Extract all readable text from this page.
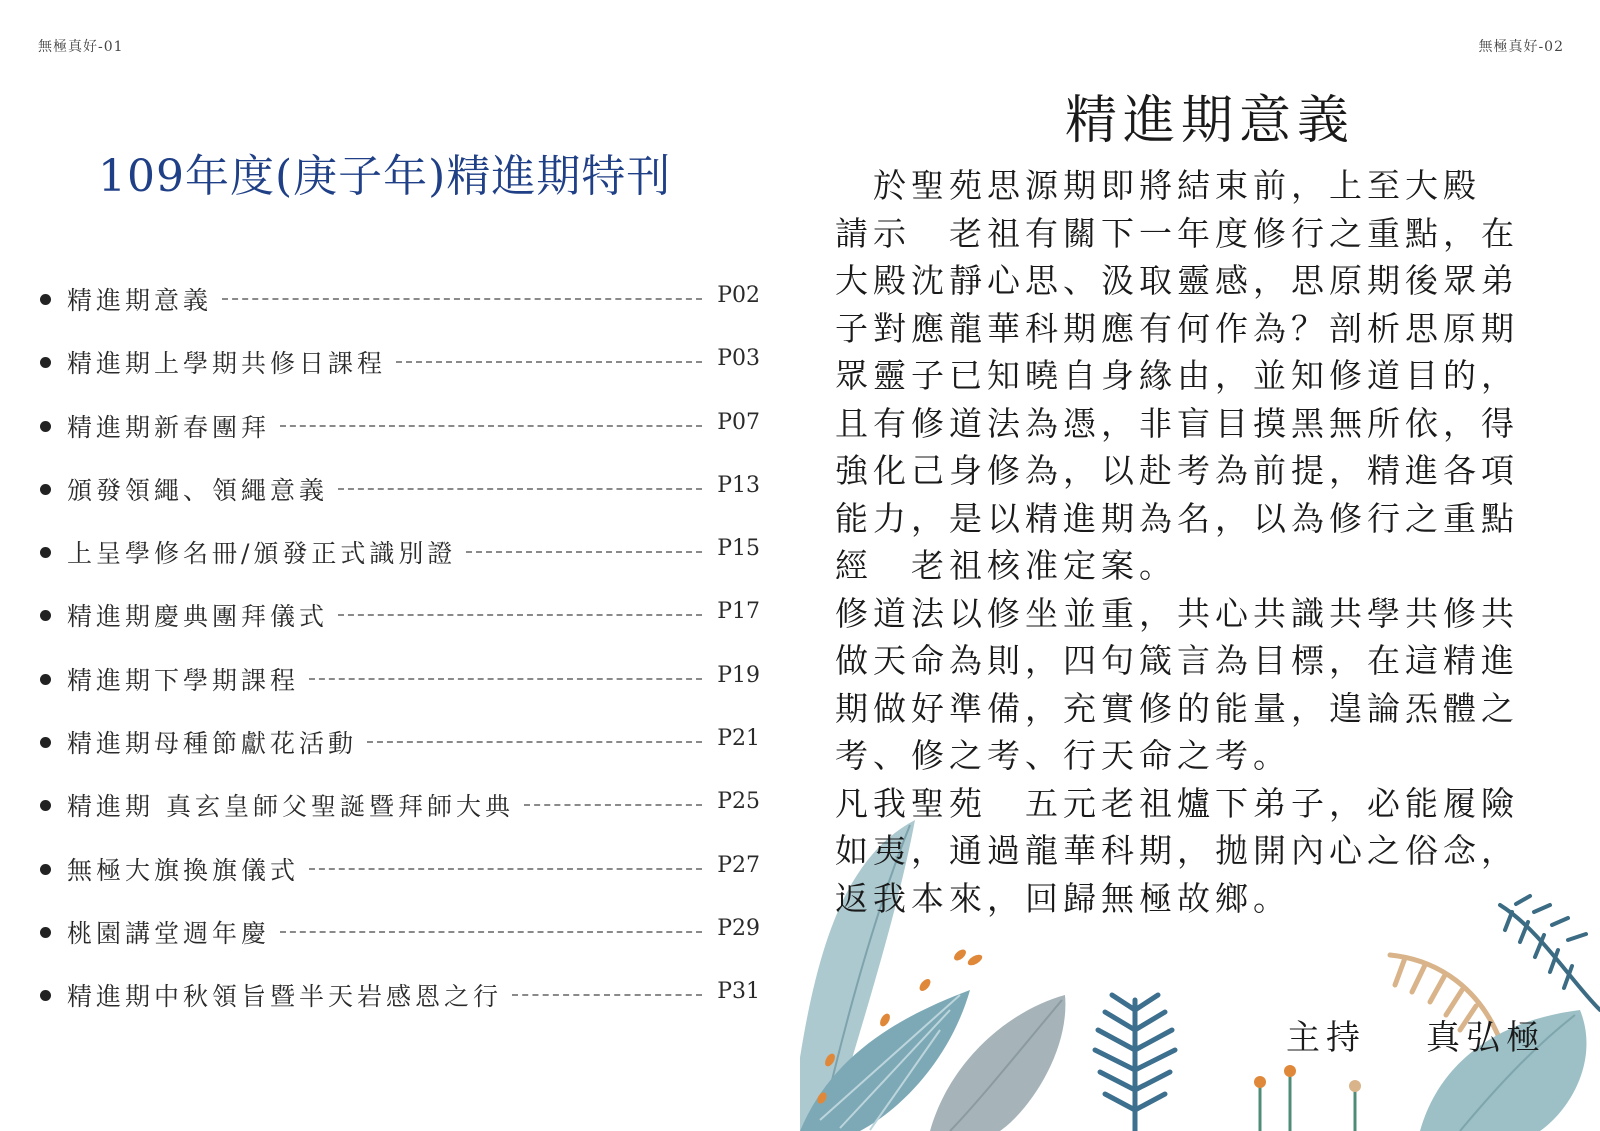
無極真好-01
109年度(庚子年)精進期特刊
精進期意義	P02
精進期上學期共修日課程	P03
精進期新春團拜	P07
頒發領繩、領繩意義	P13
上呈學修名冊/頒發正式識別證	P15
精進期慶典團拜儀式	P17
精進期下學期課程	P19
精進期母種節獻花活動	P21
精進期 真玄皇師父聖誕暨拜師大典	P25
無極大旗換旗儀式	P27
桃園講堂週年慶	P29
精進期中秋領旨暨半天岩感恩之行	P31
無極真好-02
精進期意義
　於聖苑思源期即將結束前，上至大殿
請示　老祖有關下一年度修行之重點，在
大殿沈靜心思、汲取靈感，思原期後眾弟
子對應龍華科期應有何作為？剖析思原期
眾靈子已知曉自身緣由，並知修道目的，
且有修道法為憑，非盲目摸黑無所依，得
強化己身修為，以赴考為前提，精進各項
能力，是以精進期為名，以為修行之重點
經　老祖核准定案。
修道法以修坐並重，共心共識共學共修共
做天命為則，四句箴言為目標，在這精進
期做好準備，充實修的能量，遑論炁體之
考、修之考、行天命之考。
凡我聖苑　五元老祖爐下弟子，必能履險
如夷，通過龍華科期，拋開內心之俗念，
返我本來，回歸無極故鄉。
主持 真弘極
